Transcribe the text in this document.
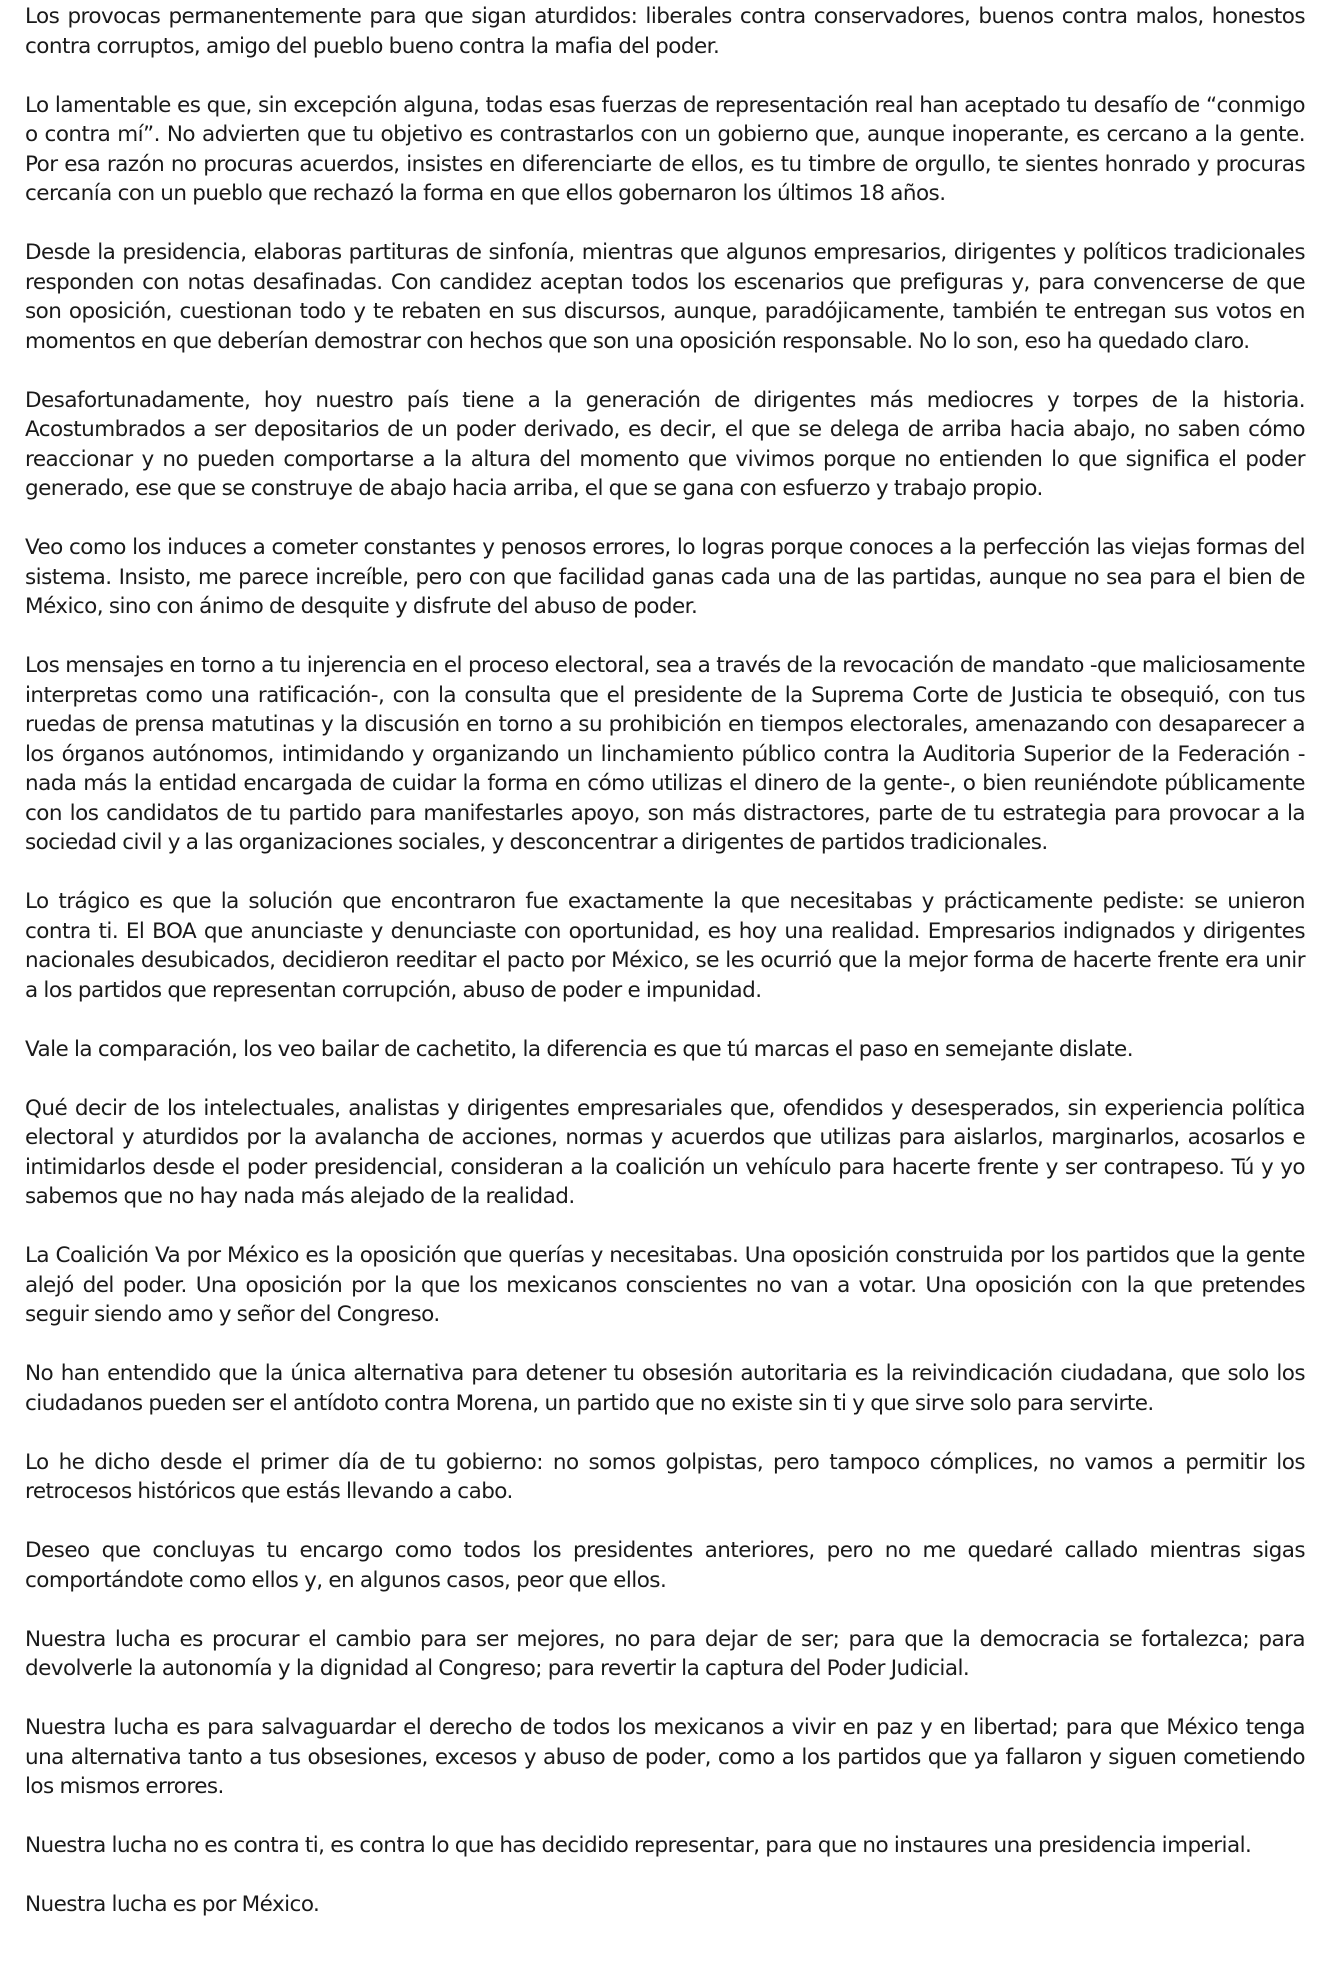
Los provocas permanentemente para que sigan aturdidos: liberales contra conservadores, buenos contra malos, honestos contra corruptos, amigo del pueblo bueno contra la mafia del poder.

Lo lamentable es que, sin excepción alguna, todas esas fuerzas de representación real han aceptado tu desafío de “conmigo o contra mí”. No advierten que tu objetivo es contrastarlos con un gobierno que, aunque inoperante, es cercano a la gente. Por esa razón no procuras acuerdos, insistes en diferenciarte de ellos, es tu timbre de orgullo, te sientes honrado y procuras cercanía con un pueblo que rechazó la forma en que ellos gobernaron los últimos 18 años.

Desde la presidencia, elaboras partituras de sinfonía, mientras que algunos empresarios, dirigentes y políticos tradicionales responden con notas desafinadas. Con candidez aceptan todos los escenarios que prefiguras y, para convencerse de que son oposición, cuestionan todo y te rebaten en sus discursos, aunque, paradójicamente, también te entregan sus votos en momentos en que deberían demostrar con hechos que son una oposición responsable. No lo son, eso ha quedado claro.

Desafortunadamente, hoy nuestro país tiene a la generación de dirigentes más mediocres y torpes de la historia. Acostumbrados a ser depositarios de un poder derivado, es decir, el que se delega de arriba hacia abajo, no saben cómo reaccionar y no pueden comportarse a la altura del momento que vivimos porque no entienden lo que significa el poder generado, ese que se construye de abajo hacia arriba, el que se gana con esfuerzo y trabajo propio.

Veo como los induces a cometer constantes y penosos errores, lo logras porque conoces a la perfección las viejas formas del sistema. Insisto, me parece increíble, pero con que facilidad ganas cada una de las partidas, aunque no sea para el bien de México, sino con ánimo de desquite y disfrute del abuso de poder.

Los mensajes en torno a tu injerencia en el proceso electoral, sea a través de la revocación de mandato -que maliciosamente interpretas como una ratificación-, con la consulta que el presidente de la Suprema Corte de Justicia te obsequió, con tus ruedas de prensa matutinas y la discusión en torno a su prohibición en tiempos electorales, amenazando con desaparecer a los órganos autónomos, intimidando y organizando un linchamiento público contra la Auditoria Superior de la Federación -nada más la entidad encargada de cuidar la forma en cómo utilizas el dinero de la gente-, o bien reuniéndote públicamente con los candidatos de tu partido para manifestarles apoyo, son más distractores, parte de tu estrategia para provocar a la sociedad civil y a las organizaciones sociales, y desconcentrar a dirigentes de partidos tradicionales.

Lo trágico es que la solución que encontraron fue exactamente la que necesitabas y prácticamente pediste: se unieron contra ti. El BOA que anunciaste y denunciaste con oportunidad, es hoy una realidad. Empresarios indignados y dirigentes nacionales desubicados, decidieron reeditar el pacto por México, se les ocurrió que la mejor forma de hacerte frente era unir a los partidos que representan corrupción, abuso de poder e impunidad.

Vale la comparación, los veo bailar de cachetito, la diferencia es que tú marcas el paso en semejante dislate.

Qué decir de los intelectuales, analistas y dirigentes empresariales que, ofendidos y desesperados, sin experiencia política electoral y aturdidos por la avalancha de acciones, normas y acuerdos que utilizas para aislarlos, marginarlos, acosarlos e intimidarlos desde el poder presidencial, consideran a la coalición un vehículo para hacerte frente y ser contrapeso. Tú y yo sabemos que no hay nada más alejado de la realidad.

La Coalición Va por México es la oposición que querías y necesitabas. Una oposición construida por los partidos que la gente alejó del poder. Una oposición por la que los mexicanos conscientes no van a votar. Una oposición con la que pretendes seguir siendo amo y señor del Congreso.

No han entendido que la única alternativa para detener tu obsesión autoritaria es la reivindicación ciudadana, que solo los ciudadanos pueden ser el antídoto contra Morena, un partido que no existe sin ti y que sirve solo para servirte.

Lo he dicho desde el primer día de tu gobierno: no somos golpistas, pero tampoco cómplices, no vamos a permitir los retrocesos históricos que estás llevando a cabo.

Deseo que concluyas tu encargo como todos los presidentes anteriores, pero no me quedaré callado mientras sigas comportándote como ellos y, en algunos casos, peor que ellos.

Nuestra lucha es procurar el cambio para ser mejores, no para dejar de ser; para que la democracia se fortalezca; para devolverle la autonomía y la dignidad al Congreso; para revertir la captura del Poder Judicial.

Nuestra lucha es para salvaguardar el derecho de todos los mexicanos a vivir en paz y en libertad; para que México tenga una alternativa tanto a tus obsesiones, excesos y abuso de poder, como a los partidos que ya fallaron y siguen cometiendo los mismos errores.

Nuestra lucha no es contra ti, es contra lo que has decidido representar, para que no instaures una presidencia imperial.

Nuestra lucha es por México.
